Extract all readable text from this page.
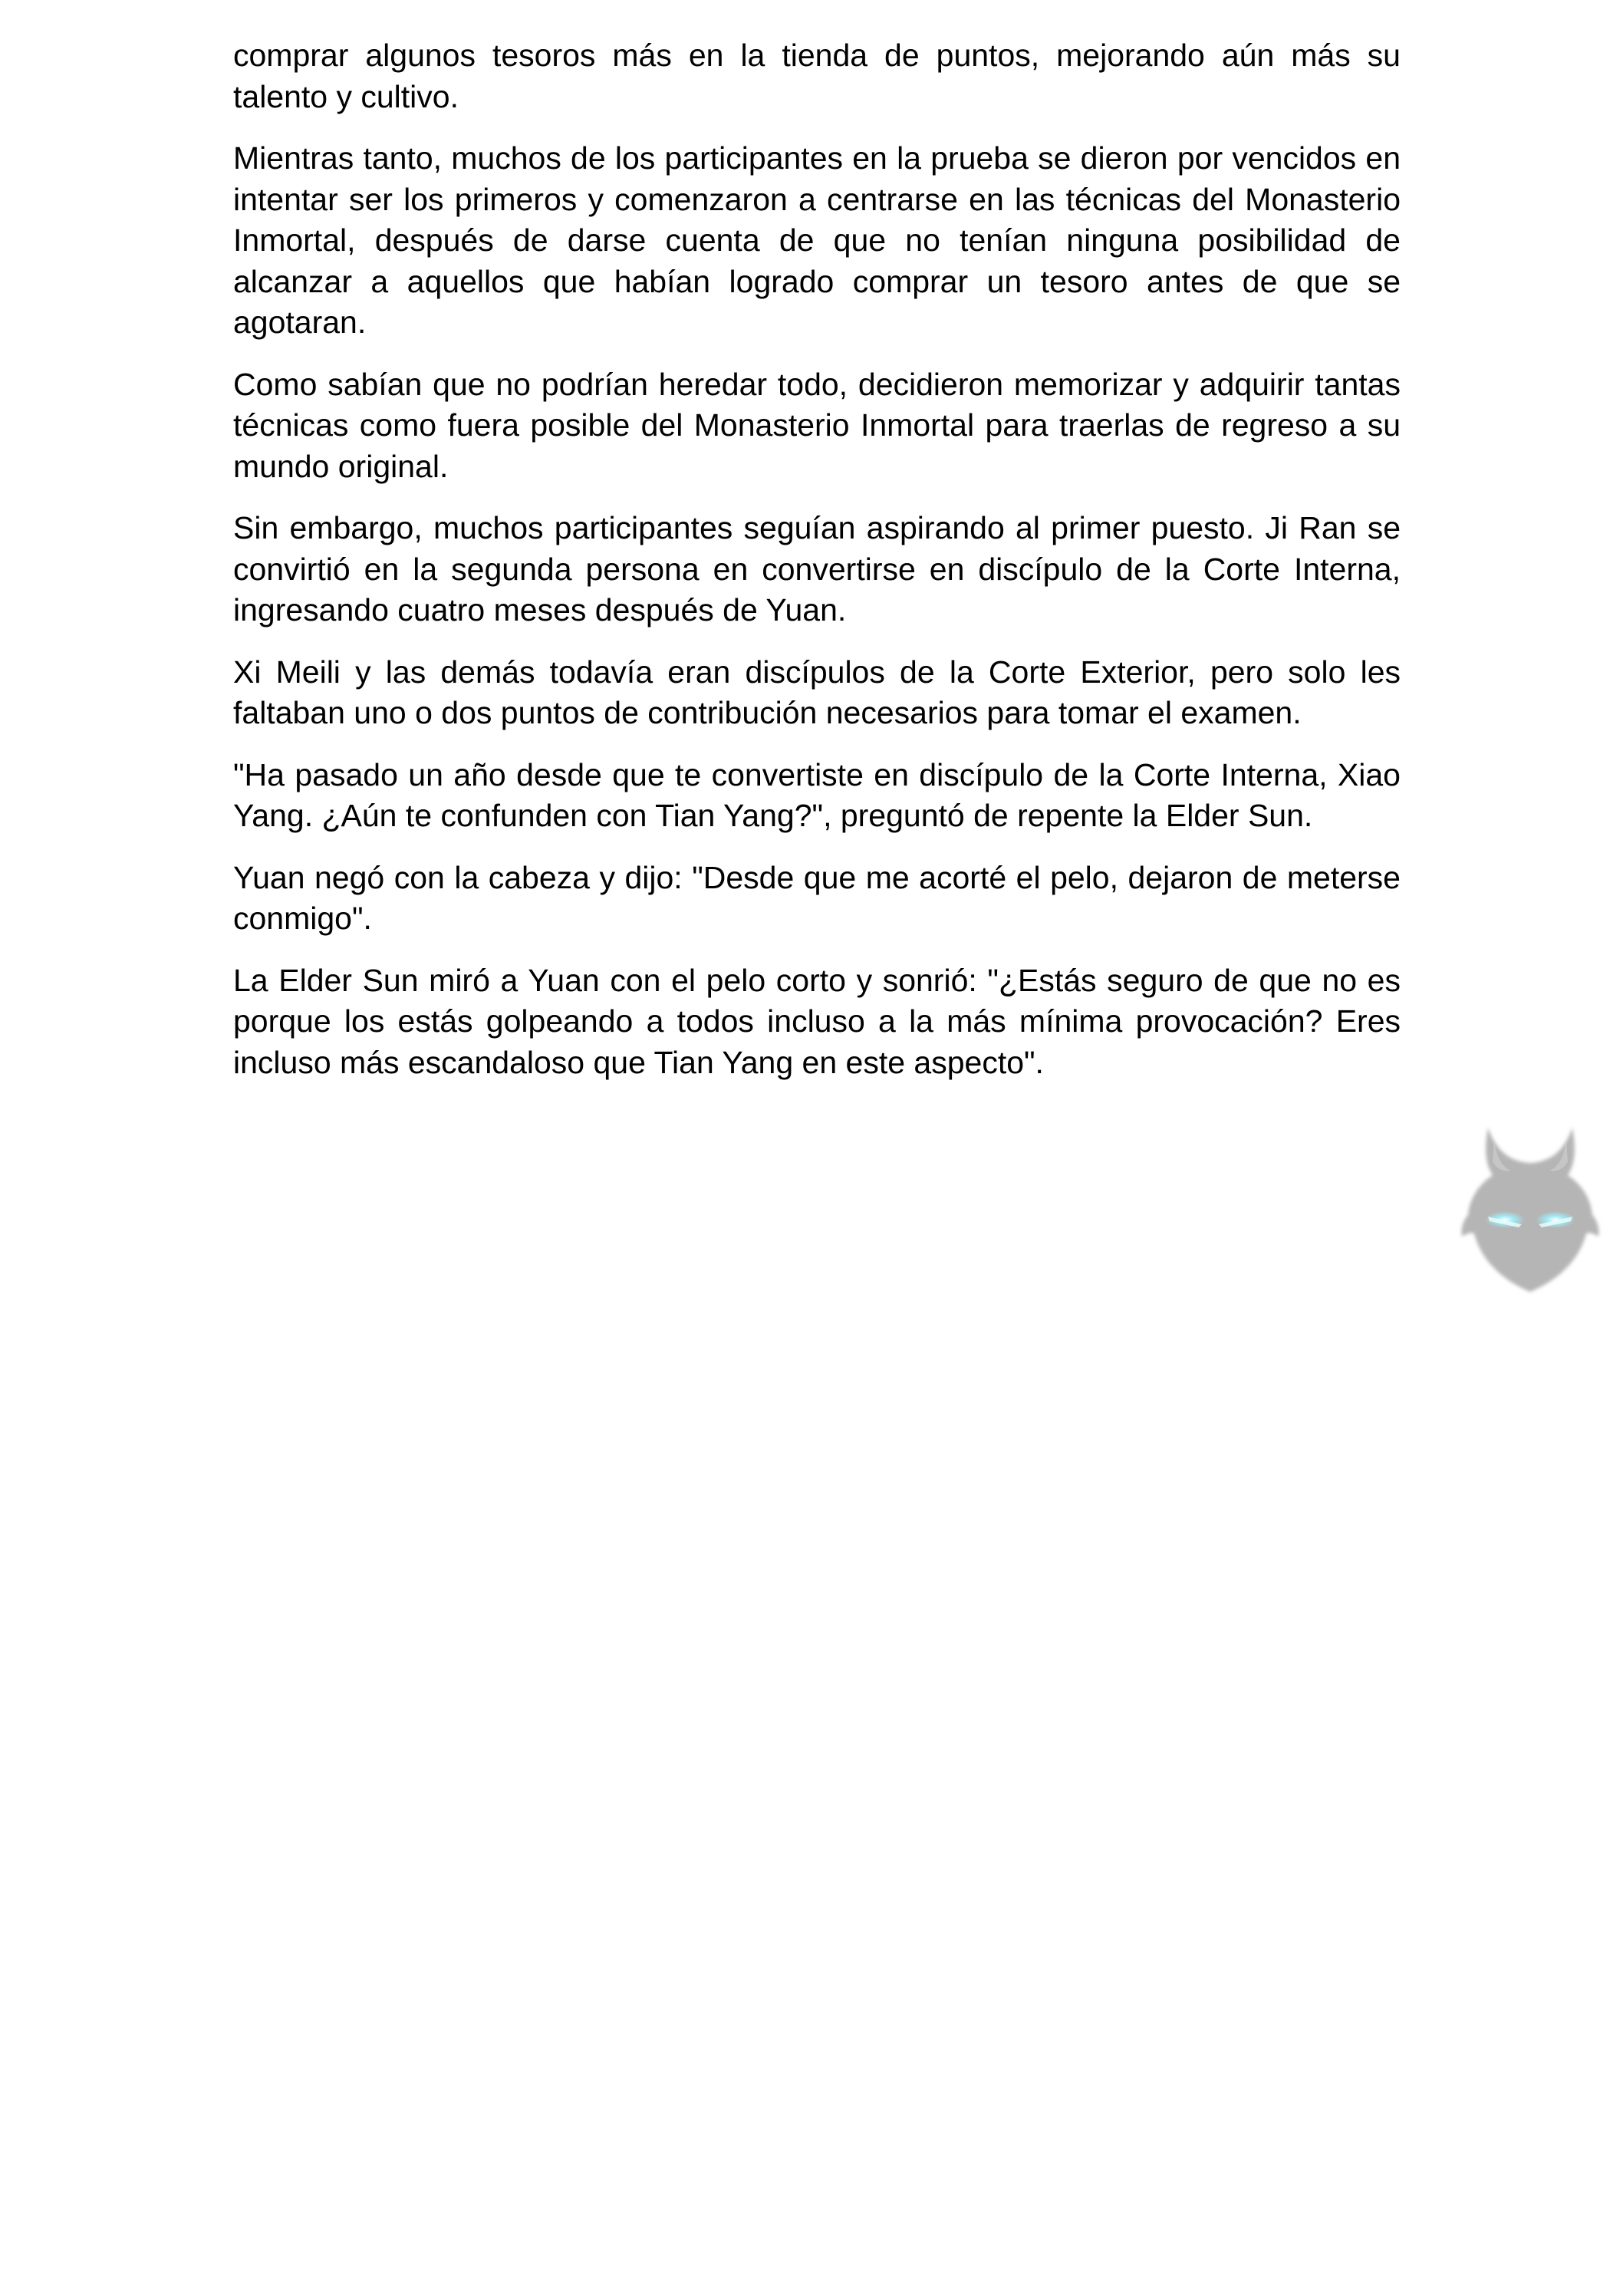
comprar algunos tesoros más en la tienda de puntos, mejorando aún más su talento y cultivo.

Mientras tanto, muchos de los participantes en la prueba se dieron por vencidos en intentar ser los primeros y comenzaron a centrarse en las técnicas del Monasterio Inmortal, después de darse cuenta de que no tenían ninguna posibilidad de alcanzar a aquellos que habían logrado comprar un tesoro antes de que se agotaran.

Como sabían que no podrían heredar todo, decidieron memorizar y adquirir tantas técnicas como fuera posible del Monasterio Inmortal para traerlas de regreso a su mundo original.

Sin embargo, muchos participantes seguían aspirando al primer puesto. Ji Ran se convirtió en la segunda persona en convertirse en discípulo de la Corte Interna, ingresando cuatro meses después de Yuan.

Xi Meili y las demás todavía eran discípulos de la Corte Exterior, pero solo les faltaban uno o dos puntos de contribución necesarios para tomar el examen.

"Ha pasado un año desde que te convertiste en discípulo de la Corte Interna, Xiao Yang. ¿Aún te confunden con Tian Yang?", preguntó de repente la Elder Sun.

Yuan negó con la cabeza y dijo: "Desde que me acorté el pelo, dejaron de meterse conmigo".

La Elder Sun miró a Yuan con el pelo corto y sonrió: "¿Estás seguro de que no es porque los estás golpeando a todos incluso a la más mínima provocación? Eres incluso más escandaloso que Tian Yang en este aspecto".
